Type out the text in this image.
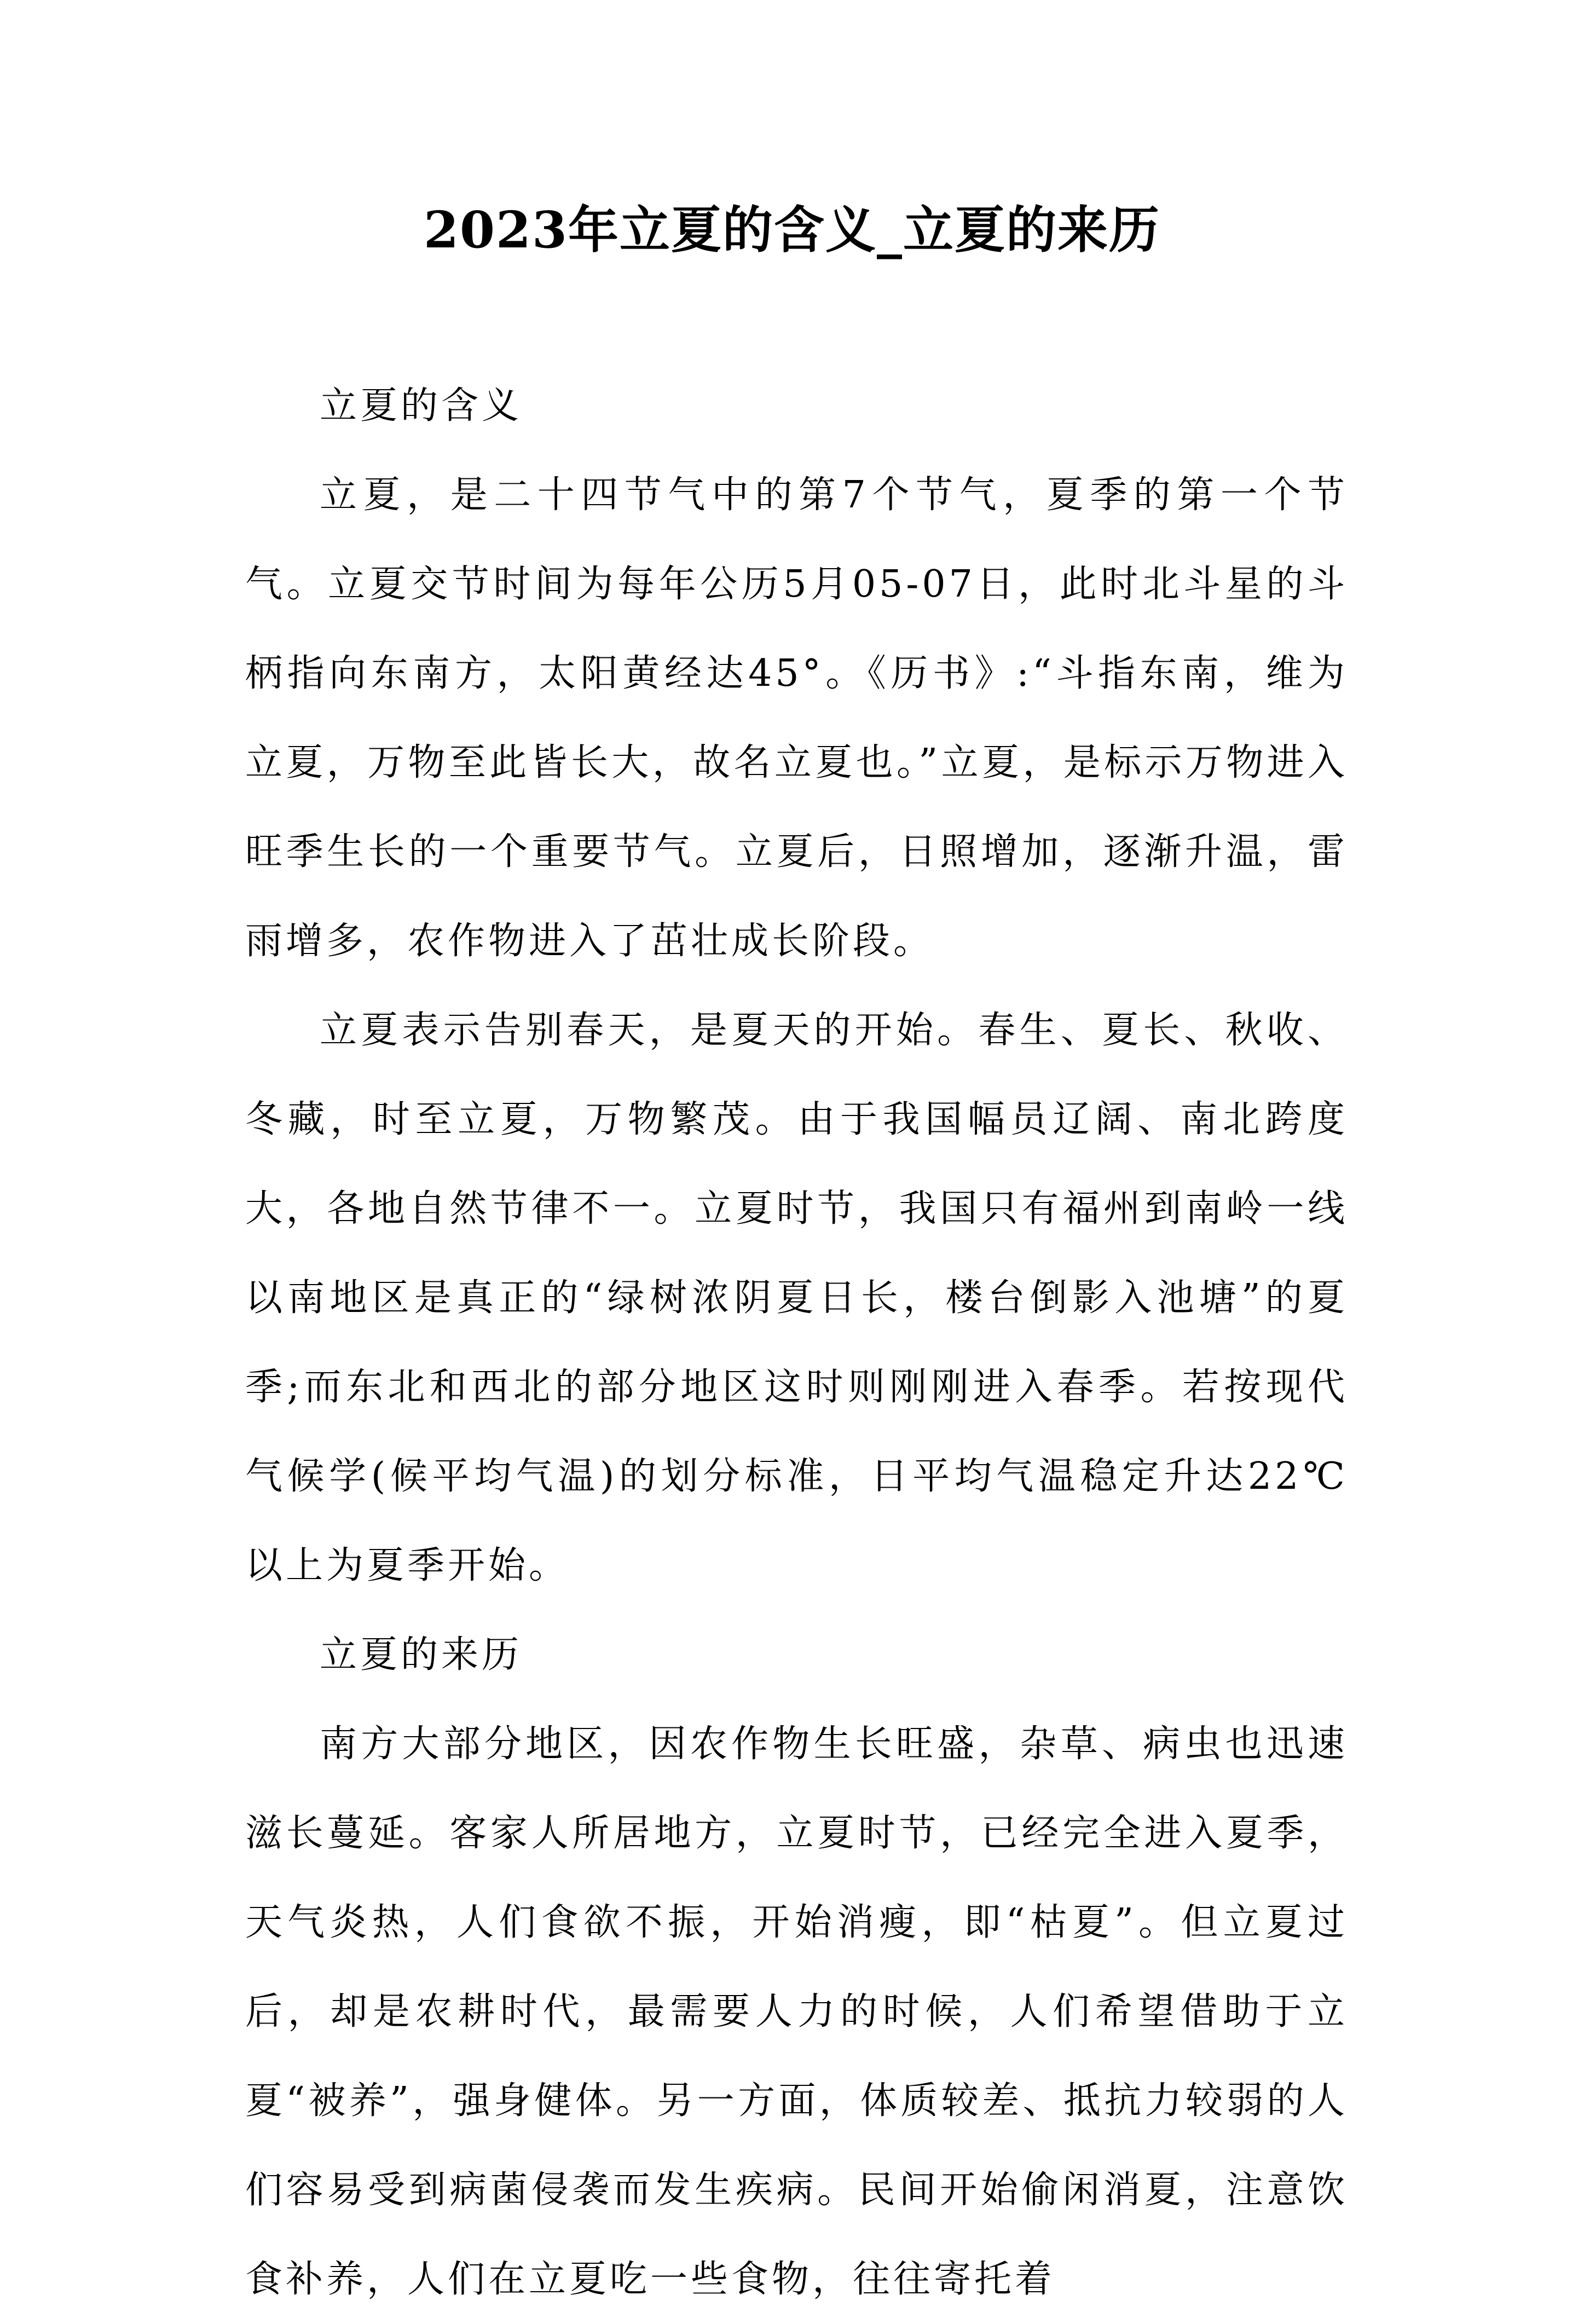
2023年立夏的含义_立夏的来历

立夏的含义

立夏，是二十四节气中的第7个节气，夏季的第一个节气。立夏交节时间为每年公历5月05-07日，此时北斗星的斗柄指向东南方，太阳黄经达45°。《历书》:“斗指东南，维为立夏，万物至此皆长大，故名立夏也。”立夏，是标示万物进入旺季生长的一个重要节气。立夏后，日照增加，逐渐升温，雷雨增多，农作物进入了茁壮成长阶段。

立夏表示告别春天，是夏天的开始。春生、夏长、秋收、冬藏，时至立夏，万物繁茂。由于我国幅员辽阔、南北跨度大，各地自然节律不一。立夏时节，我国只有福州到南岭一线以南地区是真正的“绿树浓阴夏日长，楼台倒影入池塘”的夏季;而东北和西北的部分地区这时则刚刚进入春季。若按现代气候学(候平均气温)的划分标准，日平均气温稳定升达22℃以上为夏季开始。

立夏的来历

南方大部分地区，因农作物生长旺盛，杂草、病虫也迅速滋长蔓延。客家人所居地方，立夏时节，已经完全进入夏季，天气炎热，人们食欲不振，开始消瘦，即“枯夏”。但立夏过后，却是农耕时代，最需要人力的时候，人们希望借助于立夏“被养”，强身健体。另一方面，体质较差、抵抗力较弱的人们容易受到病菌侵袭而发生疾病。民间开始偷闲消夏，注意饮食补养，人们在立夏吃一些食物，往往寄托着
